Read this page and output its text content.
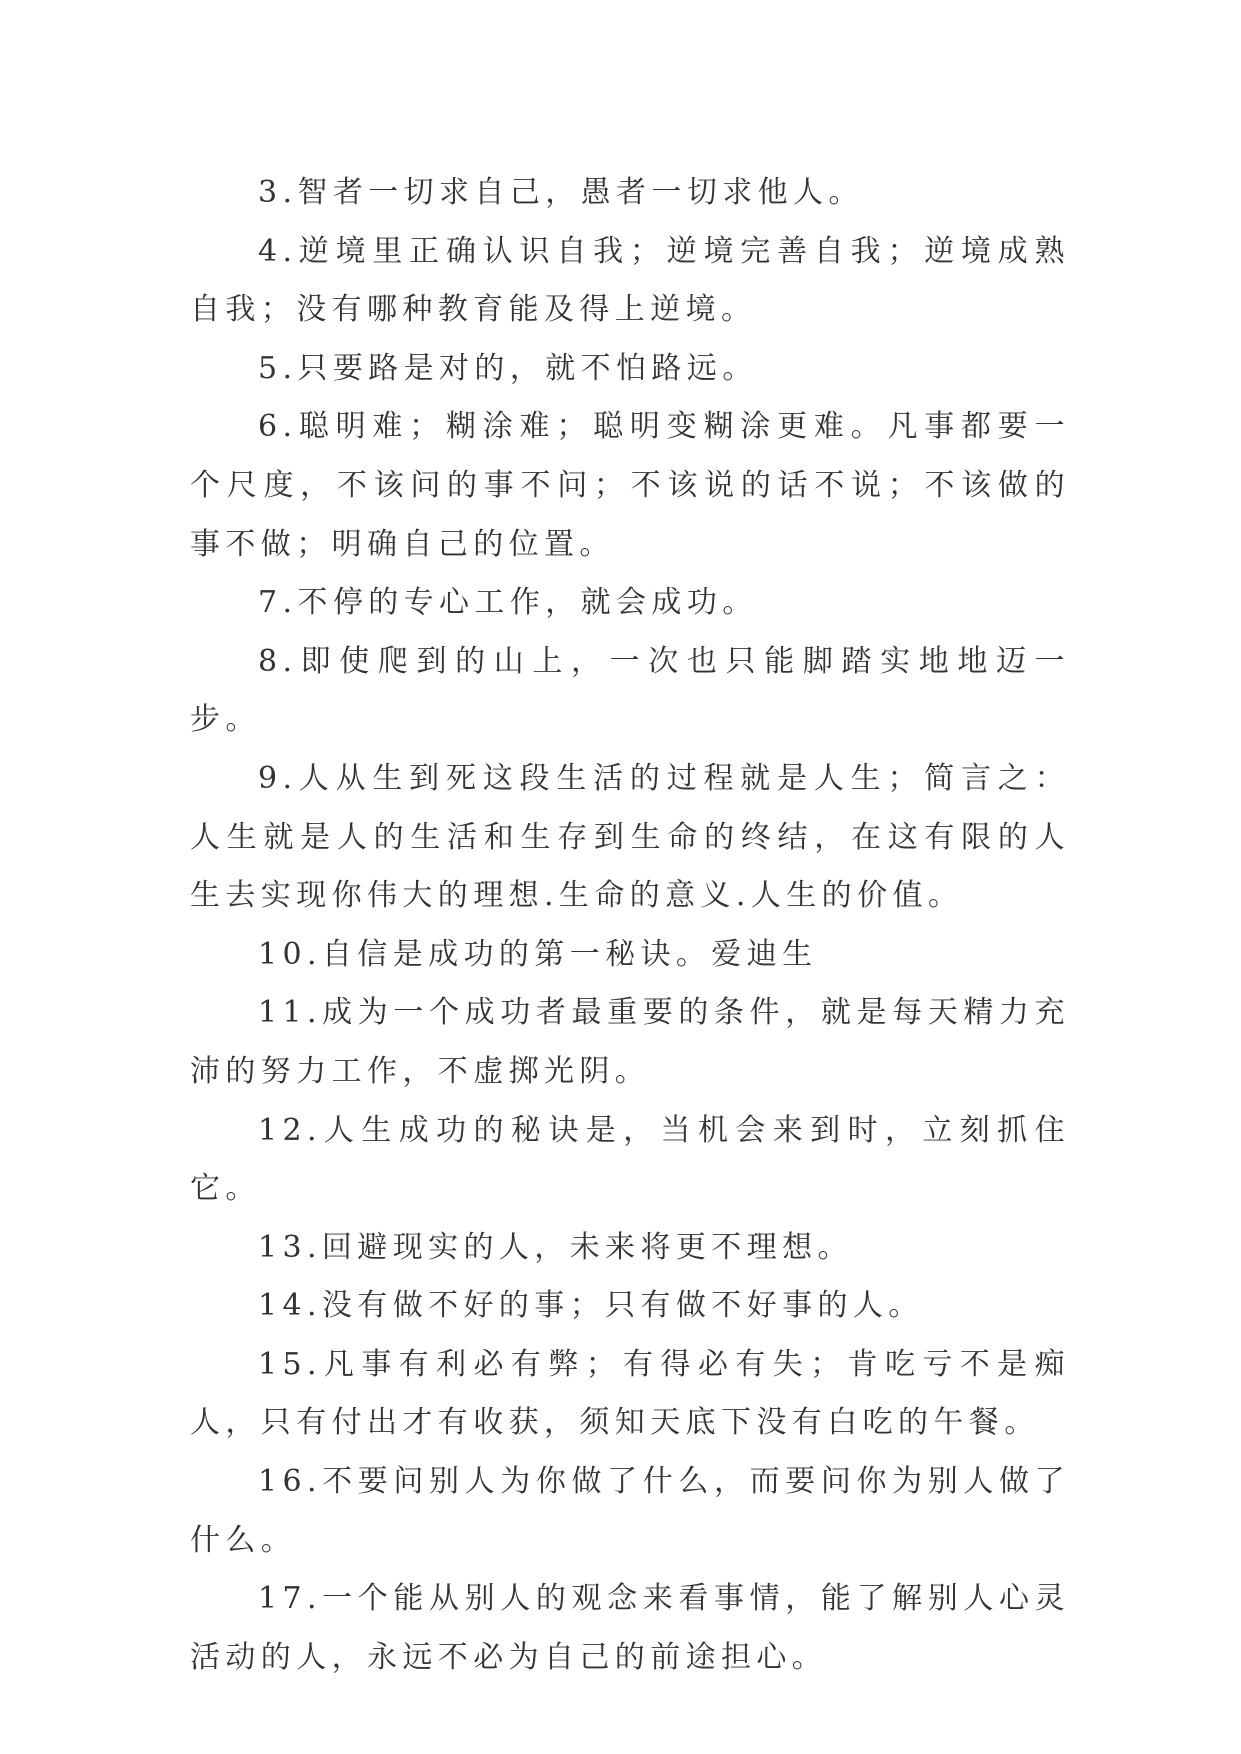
3.智者一切求自己，愚者一切求他人。

4.逆境里正确认识自我；逆境完善自我；逆境成熟自我；没有哪种教育能及得上逆境。

5.只要路是对的，就不怕路远。

6.聪明难；糊涂难；聪明变糊涂更难。凡事都要一个尺度，不该问的事不问；不该说的话不说；不该做的事不做；明确自己的位置。

7.不停的专心工作，就会成功。

8.即使爬到的山上，一次也只能脚踏实地地迈一步。

9.人从生到死这段生活的过程就是人生；简言之：人生就是人的生活和生存到生命的终结，在这有限的人生去实现你伟大的理想.生命的意义.人生的价值。

10.自信是成功的第一秘诀。爱迪生

11.成为一个成功者最重要的条件，就是每天精力充沛的努力工作，不虚掷光阴。

12.人生成功的秘诀是，当机会来到时，立刻抓住它。

13.回避现实的人，未来将更不理想。

14.没有做不好的事；只有做不好事的人。

15.凡事有利必有弊；有得必有失；肯吃亏不是痴人，只有付出才有收获，须知天底下没有白吃的午餐。

16.不要问别人为你做了什么，而要问你为别人做了什么。

17.一个能从别人的观念来看事情，能了解别人心灵活动的人，永远不必为自己的前途担心。
